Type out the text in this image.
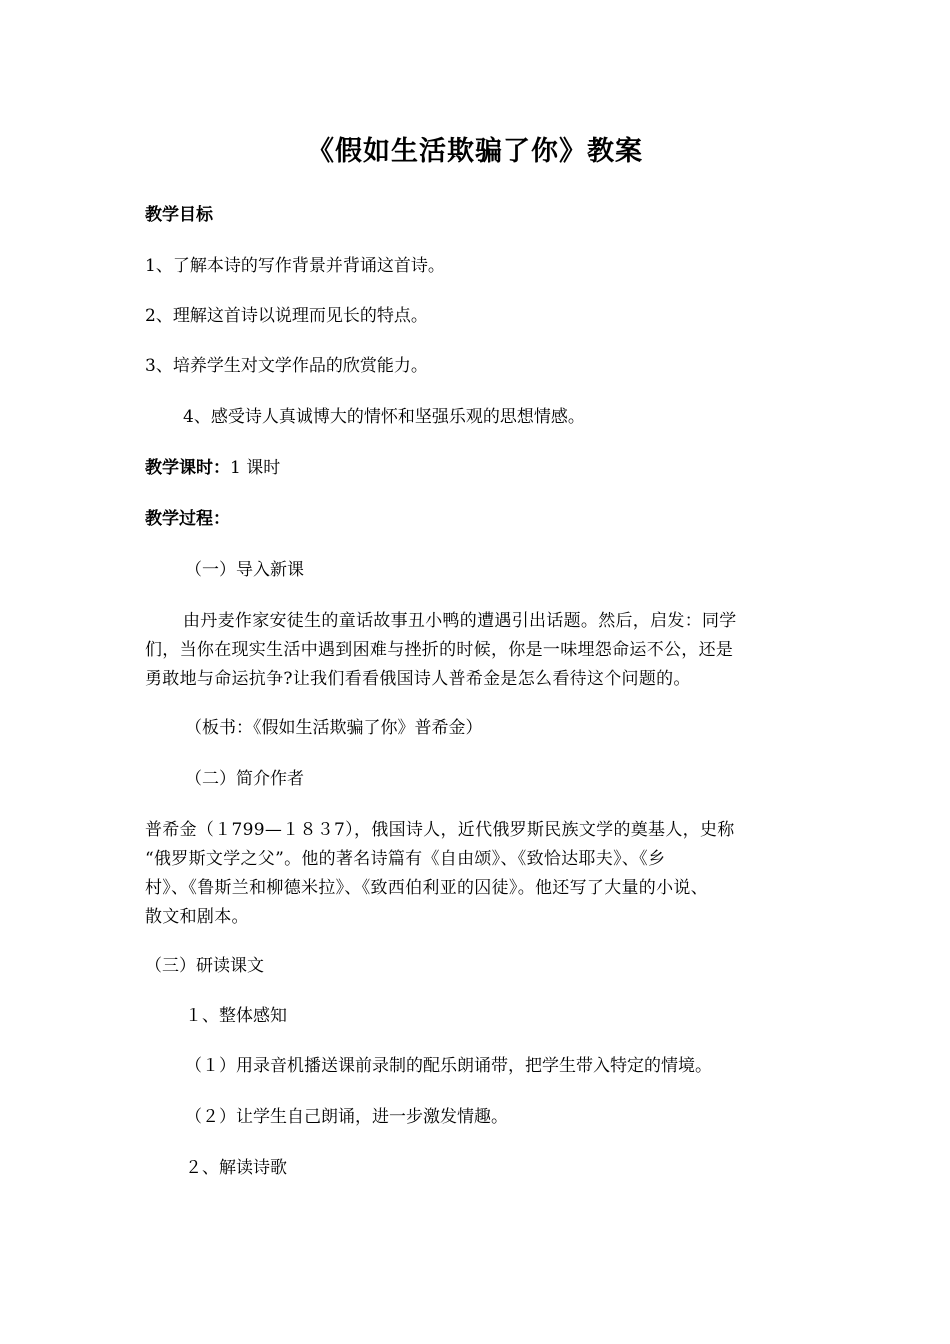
《假如生活欺骗了你》教案
教学目标
1、了解本诗的写作背景并背诵这首诗。
2、理解这首诗以说理而见长的特点。
3、培养学生对文学作品的欣赏能力。
4、感受诗人真诚博大的情怀和坚强乐观的思想情感。
教学课时：1 课时
教学过程：
（一）导入新课
由丹麦作家安徒生的童话故事丑小鸭的遭遇引出话题。然后，启发：同学
们，当你在现实生活中遇到困难与挫折的时候，你是一味埋怨命运不公，还是
勇敢地与命运抗争?让我们看看俄国诗人普希金是怎么看待这个问题的。
（板书：《假如生活欺骗了你》普希金）
（二）简介作者
普希金（１799—１８３7），俄国诗人，近代俄罗斯民族文学的奠基人，史称
“俄罗斯文学之父”。他的著名诗篇有《自由颂》、《致恰达耶夫》、《乡
村》、《鲁斯兰和柳德米拉》、《致西伯利亚的囚徒》。他还写了大量的小说、
散文和剧本。
（三）研读课文
１、整体感知
（１）用录音机播送课前录制的配乐朗诵带，把学生带入特定的情境。
（２）让学生自己朗诵，进一步激发情趣。
２、解读诗歌
